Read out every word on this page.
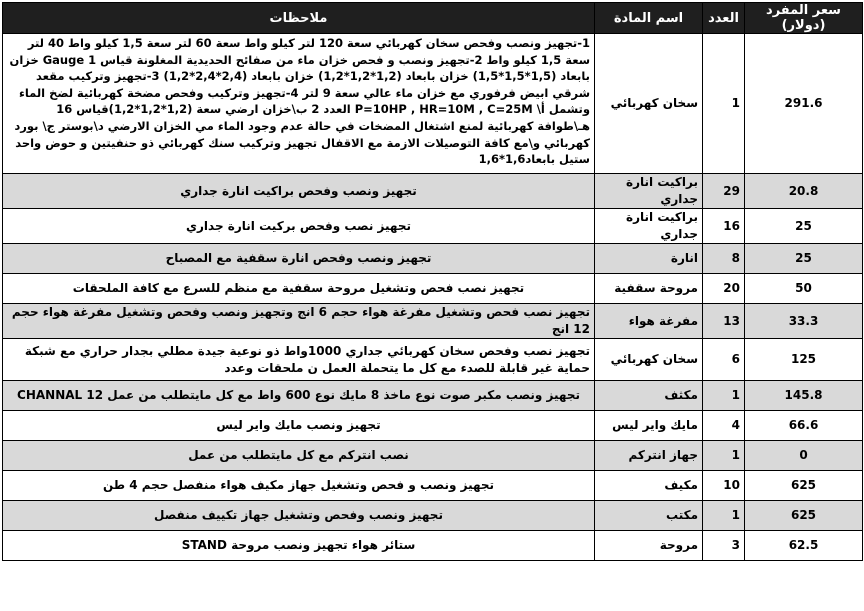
سعر المفرد (دولار)	العدد	اسم المادة	ملاحظات
291.6	1	سخان كهربائي	1-تجهيز ونصب وفحص سخان كهربائي سعة 120 لتر كيلو واط سعة 60 لتر سعة 1,5 كيلو واط 40 لتر سعة 1,5 كيلو واط 2-تجهيز ونصب و فحص خزان ماء من صفائح الحديدية المغلونة قياس Gauge 1 خزان بابعاد (1,5*1,5*1,5) خزان بابعاد (1,2*1,2*1,2) خزان بابعاد (2,4*2,4*1,2) 3-تجهيز وتركيب مقعد شرقي ابيض فرفوري مع خزان ماء عالي سعة 9 لتر 4-تجهيز وتركيب وفحص مضخة كهربائية لضخ الماء وتشمل أ\ P=10HP , HR=10M , C=25M العدد 2 ب\خزان ارضي سعة (1,2*1,2*1,2)قياس 16 هـ\طوافة كهربائية لمنع اشتغال المضخات في حالة عدم وجود الماء مي الخزان الارضي د\بوستر ج\ بورد كهربائي و\مع كافة التوصيلات الازمة مع الاقفال تجهيز وتركيب سنك كهربائي ذو حنفيتين و حوض واحد ستيل بابعاد1,6*1,6
20.8	29	براكيت انارة جداري	تجهيز ونصب وفحص براكيت انارة جداري
25	16	براكيت انارة جداري	تجهيز نصب وفحص بركيت انارة جداري
25	8	انارة	تجهيز ونصب وفحص انارة سقفية مع المصباح
50	20	مروحة سقفية	تجهيز نصب فحص وتشغيل مروحة سقفية مع منظم للسرع مع كافة الملحقات
33.3	13	مفرغة هواء	تجهيز نصب فحص وتشغيل مفرغة هواء حجم 6 انج وتجهيز ونصب وفحص وتشغيل مفرغة هواء حجم 12 انج
125	6	سخان كهربائي	تجهيز نصب وفحص سخان كهربائي جداري 1000واط ذو نوعية جيدة مطلي بجدار حراري مع شبكة حماية غير قابلة للصدء مع كل ما يتحملة العمل ن ملحقات وعدد
145.8	1	مكثف	تجهيز ونصب مكبر صوت نوع ماخذ 8 مايك نوع 600 واط مع كل مايتطلب من عمل CHANNAL 12
66.6	4	مايك واير ليس	تجهيز ونصب مايك واير ليس
0	1	جهاز انتركم	نصب انتركم مع كل مايتطلب من عمل
625	10	مكيف	تجهيز ونصب و فحص وتشغيل جهاز مكيف هواء منفصل حجم 4 طن
625	1	مكتب	تجهيز ونصب وفحص وتشغيل جهاز تكييف منفصل
62.5	3	مروحة	ستائر هواء تجهيز ونصب مروحة STAND
